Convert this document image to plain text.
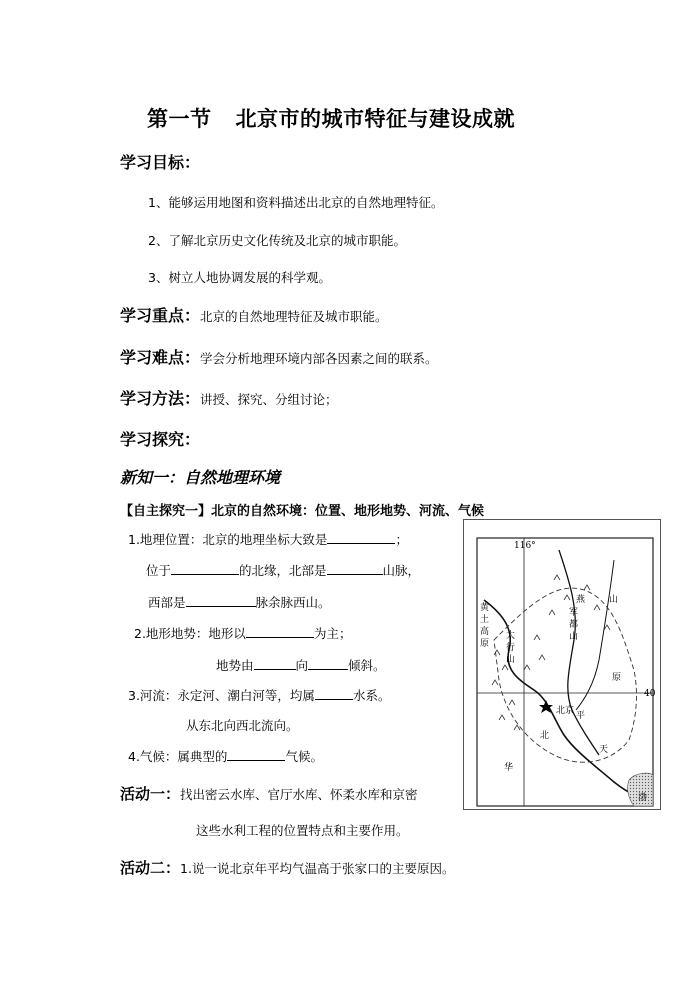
第一节 北京市的城市特征与建设成就
学习目标：
1、能够运用地图和资料描述出北京的自然地理特征。
2、了解北京历史文化传统及北京的城市职能。
3、树立人地协调发展的科学观。
学习重点：北京的自然地理特征及城市职能。
学习难点：学会分析地理环境内部各因素之间的联系。
学习方法：讲授、探究、分组讨论；
学习探究：
新知一：自然地理环境
【自主探究一】北京的自然环境：位置、地形地势、河流、气候
1.地理位置：北京的地理坐标大致是	；
位于	的北缘，北部是	山脉，
西部是	脉余脉西山。
2.地形地势：地形以	为主；
地势由	向	倾斜。
3.河流：永定河、潮白河等，均属	水系。
从东北向西北流向。
4.气候：属典型的	气候。
活动一：找出密云水库、官厅水库、怀柔水库和京密
这些水利工程的位置特点和主要作用。
活动二：1.说一说北京年平均气温高于张家口的主要原因。
116°
40
黄
土
高
原
太
行
山
军
都
山
燕	山
原
平
北
华
天
渤
北京
